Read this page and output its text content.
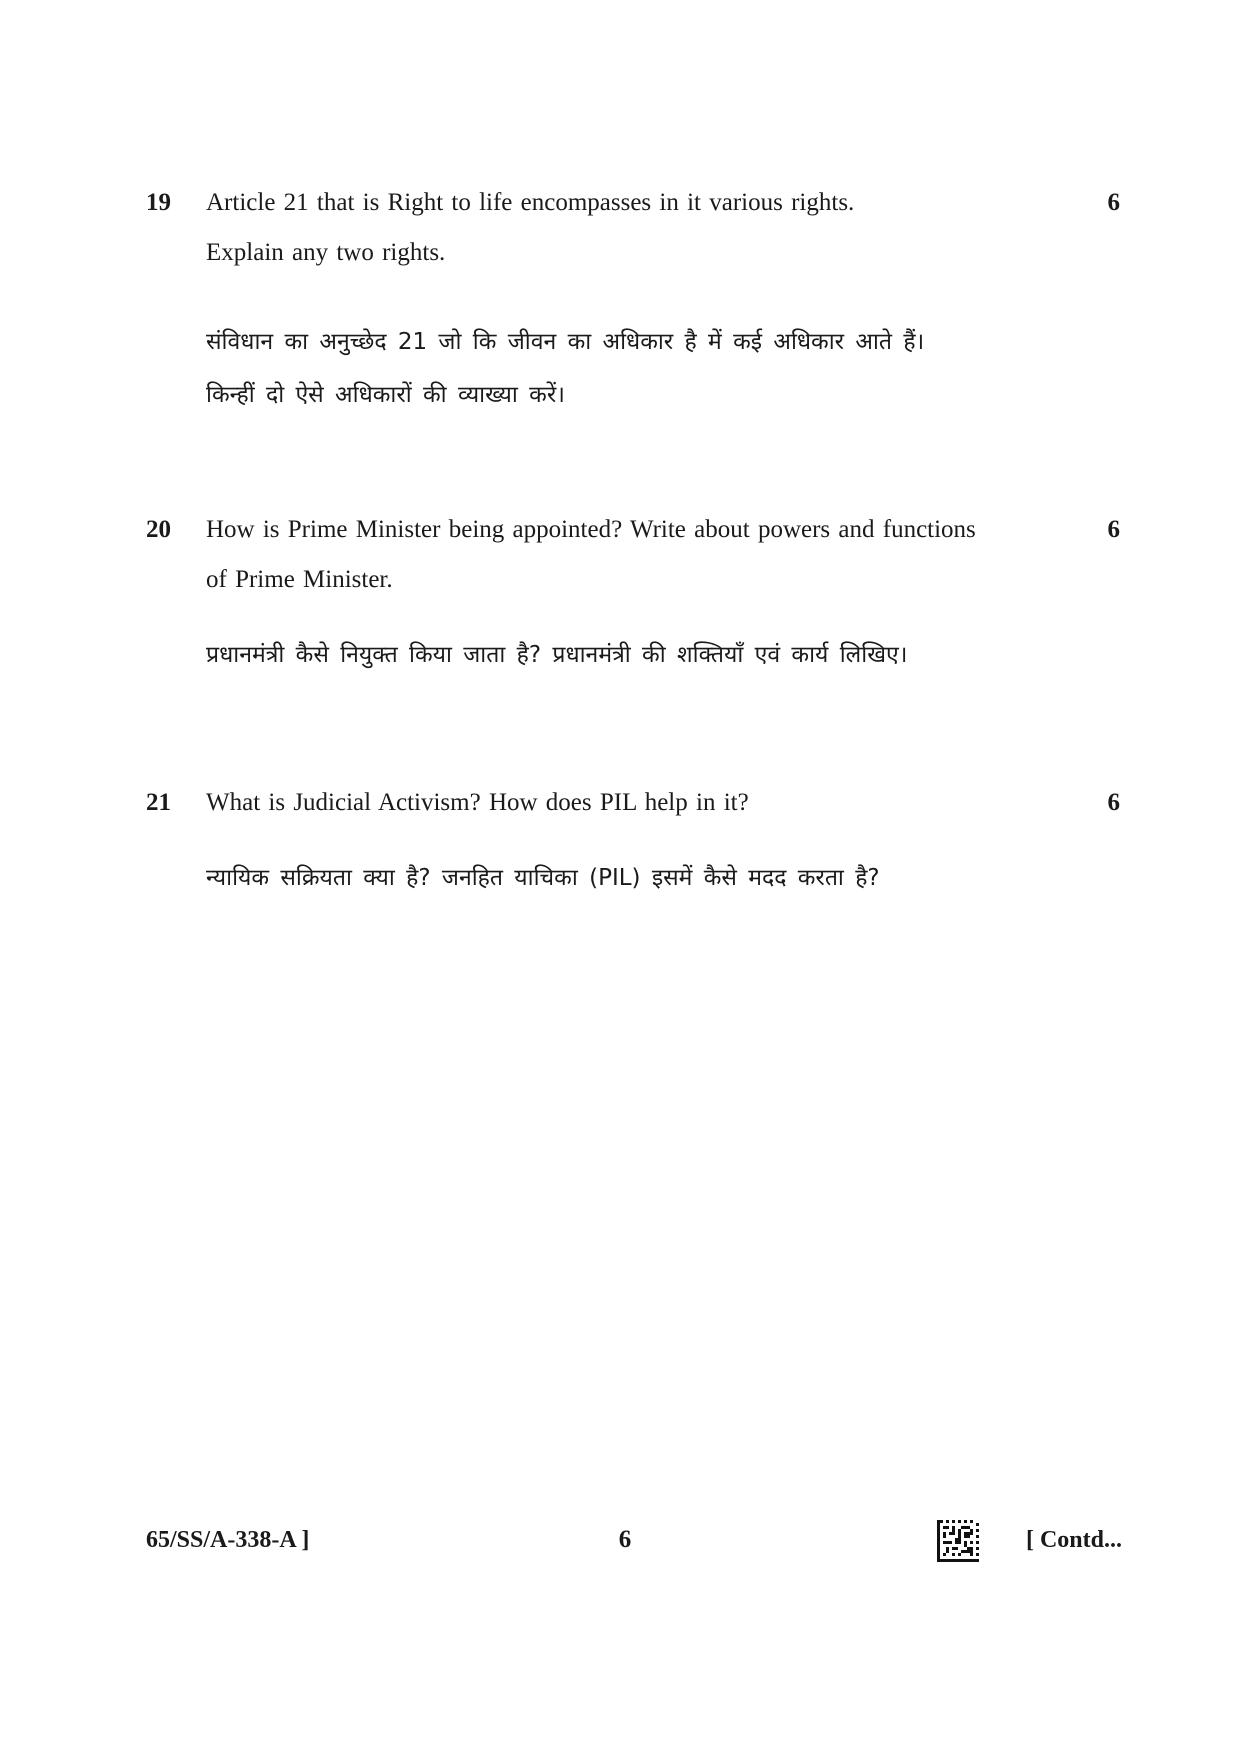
19 Article 21 that is Right to life encompasses in it various rights.
Explain any two rights.
6
संविधान का अनुच्छेद 21 जो कि जीवन का अधिकार है में कई अधिकार आते हैं।
किन्हीं दो ऐसे अधिकारों की व्याख्या करें।
20 How is Prime Minister being appointed? Write about powers and functions
of Prime Minister.
6
प्रधानमंत्री कैसे नियुक्त किया जाता है? प्रधानमंत्री की शक्तियाँ एवं कार्य लिखिए।
21 What is Judicial Activism? How does PIL help in it?	6
न्यायिक सक्रियता क्या है? जनहित याचिका (PIL) इसमें कैसे मदद करता है?
65/SS/A-338-A ]	6	[ Contd...
